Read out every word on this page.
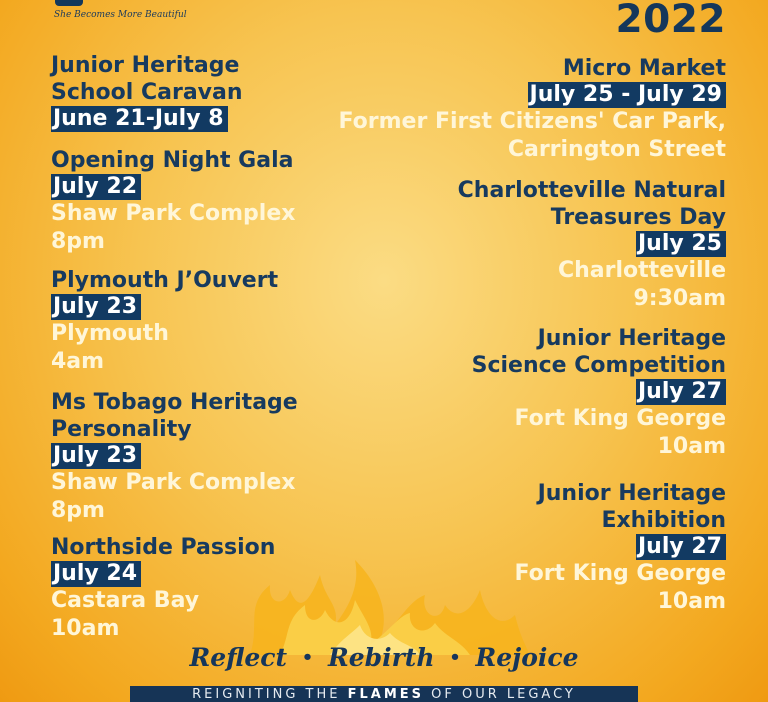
She Becomes More Beautiful	2022
Junior Heritage
School Caravan
June 21-July 8
Opening Night Gala
July 22
Shaw Park Complex
8pm
Plymouth J’Ouvert
July 23
Plymouth
4am
Ms Tobago Heritage
Personality
July 23
Shaw Park Complex
8pm
Northside Passion
July 24
Castara Bay
10am
Micro Market
July 25 - July 29
Former First Citizens' Car Park,
Carrington Street
Charlotteville Natural
Treasures Day
July 25
Charlotteville
9:30am
Junior Heritage
Science Competition
July 27
Fort King George
10am
Junior Heritage
Exhibition
July 27
Fort King George
10am
Reflect • Rebirth • Rejoice
REIGNITING THE FLAMES OF OUR LEGACY
